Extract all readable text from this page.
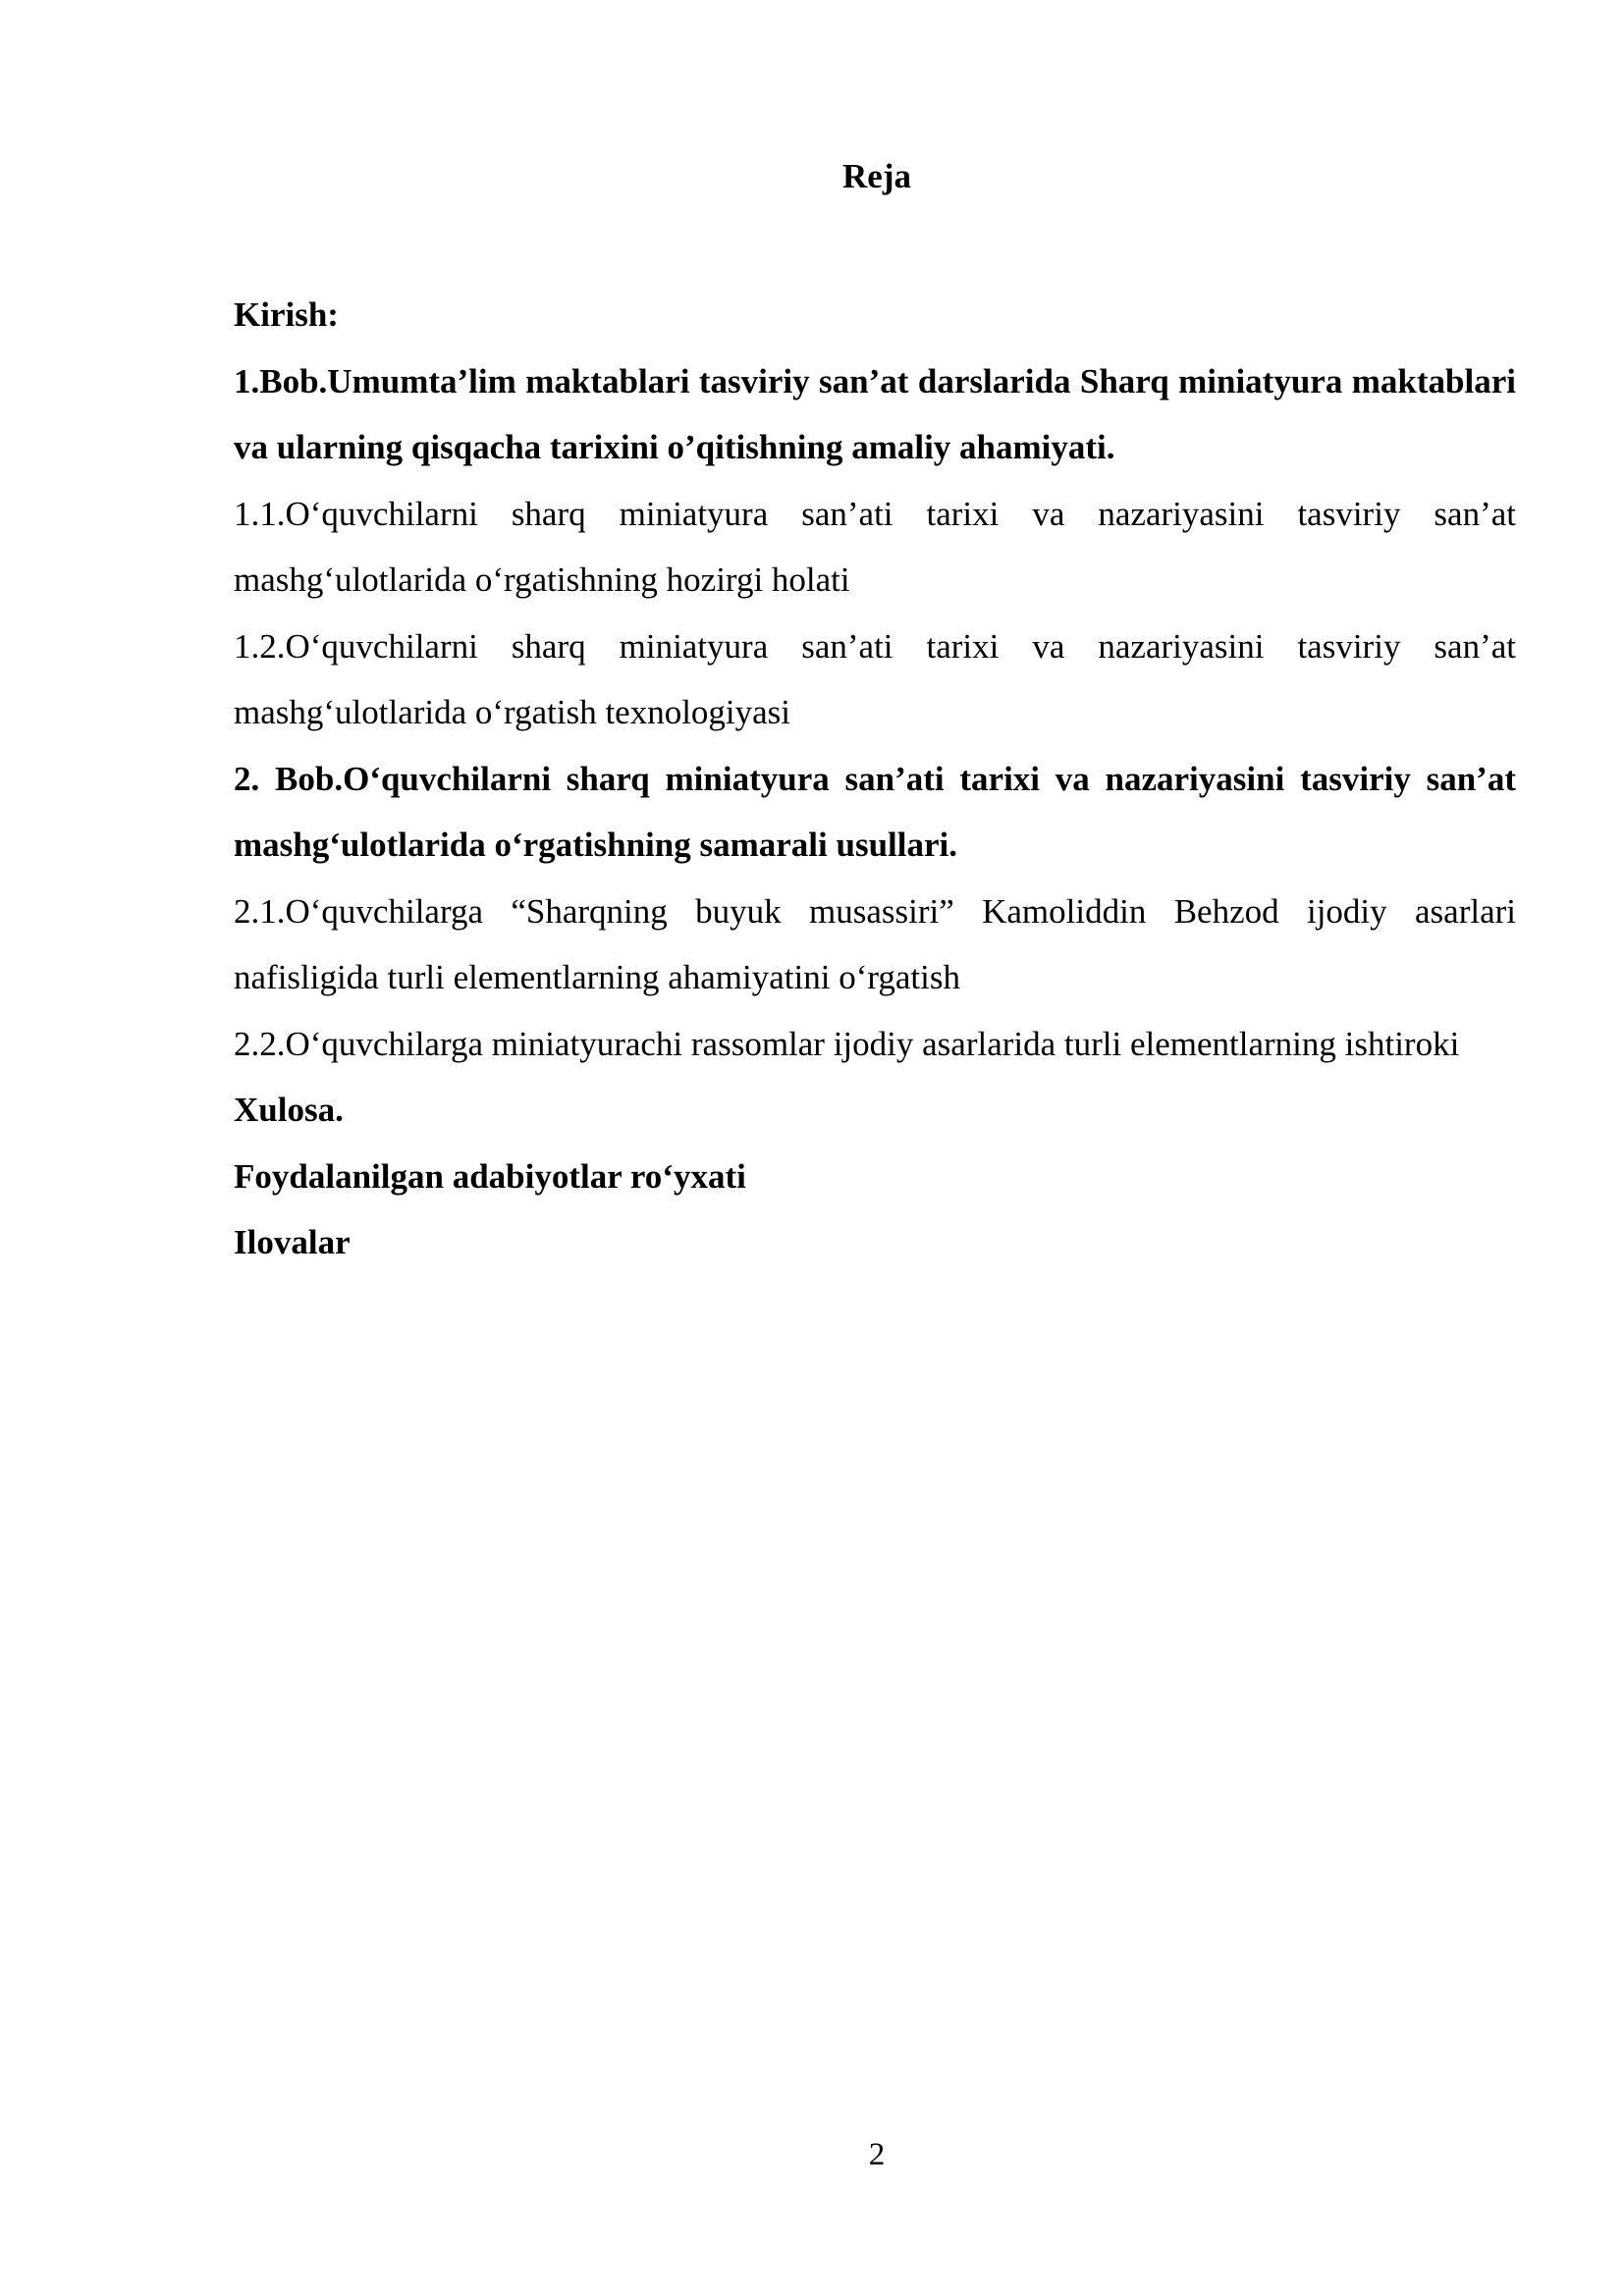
Reja

Kirish:

1.Bob.Umumta’lim maktablari tasviriy san’at darslarida Sharq miniatyura maktablari va ularning qisqacha tarixini o’qitishning amaliy ahamiyati.

1.1.O‘quvchilarni sharq miniatyura san’ati tarixi va nazariyasini tasviriy san’at mashg‘ulotlarida o‘rgatishning hozirgi holati

1.2.O‘quvchilarni sharq miniatyura san’ati tarixi va nazariyasini tasviriy san’at mashg‘ulotlarida o‘rgatish texnologiyasi

2. Bob.O‘quvchilarni sharq miniatyura san’ati tarixi va nazariyasini tasviriy san’at mashg‘ulotlarida o‘rgatishning samarali usullari.

2.1.O‘quvchilarga “Sharqning buyuk musassiri” Kamoliddin Behzod ijodiy asarlari nafisligida turli elementlarning ahamiyatini o‘rgatish

2.2.O‘quvchilarga miniatyurachi rassomlar ijodiy asarlarida turli elementlarning ishtiroki

Xulosa.

Foydalanilgan adabiyotlar ro‘yxati

Ilovalar

2
